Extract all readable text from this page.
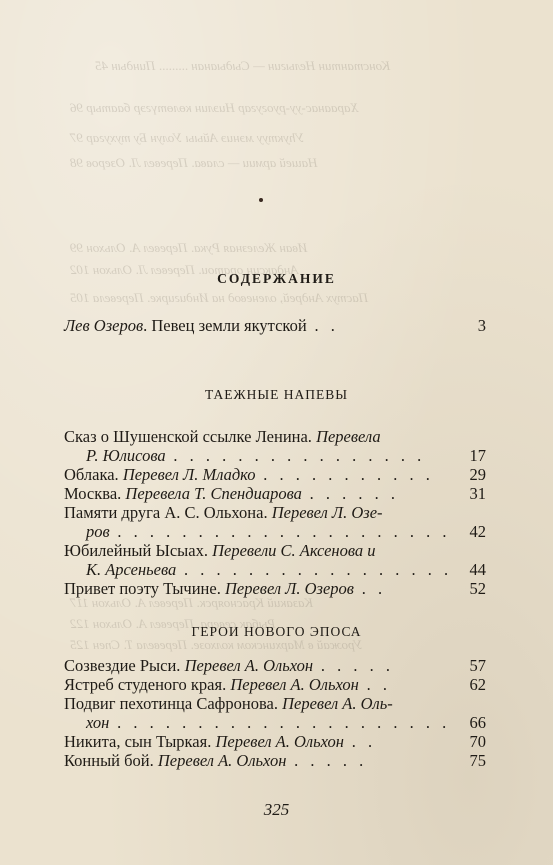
Константин Нелыгин — Сыдыанан ......... Пиндын 45
Хараанас-уу-руогугар Ниэлин көлөтүгэр баатыр 96
Уһуктуу мэниэ Айыы Уолун Бу тухугар 97
Нашей армии — слава. Перевел Л. Озеров 98
Иван Железная Рука. Перевел А. Ольхон 99
Андаксин оратои. Перевел Л. Ольхон 102
Пастух Андрей, оленевод на Индигирке. Перевела 105
Казакий Красноярск. Перевел А. Ольхон 117
Рыбак севера. Перевел А. Ольхон 122
Урожай в Мархинском колхозе. Перевела Т. Спен 125
СОДЕРЖАНИЕ
Лев Озеров. Певец земли якутской . .	3
ТАЕЖНЫЕ НАПЕВЫ
Сказ о Шушенской ссылке Ленина. Перевела
Р. Юлисова . . . . . . . . . . . . . . . .	17
Облака. Перевел Л. Младко . . . . . . . . . . .	29
Москва. Перевела Т. Спендиарова . . . . . .	31
Памяти друга А. С. Ольхона. Перевел Л. Озе-
ров . . . . . . . . . . . . . . . . . . . . .	42
Юбилейный Ысыах. Перевели С. Аксенова и
К. Арсеньева . . . . . . . . . . . . . . . . .	44
Привет поэту Тычине. Перевел Л. Озеров . .	52
ГЕРОИ НОВОГО ЭПОСА
Созвездие Рыси. Перевел А. Ольхон . . . . .	57
Ястреб студеного края. Перевел А. Ольхон . .	62
Подвиг пехотинца Сафронова. Перевел А. Оль-
хон . . . . . . . . . . . . . . . . . . . . .	66
Никита, сын Тыркая. Перевел А. Ольхон . .	70
Конный бой. Перевел А. Ольхон . . . . .	75
325
